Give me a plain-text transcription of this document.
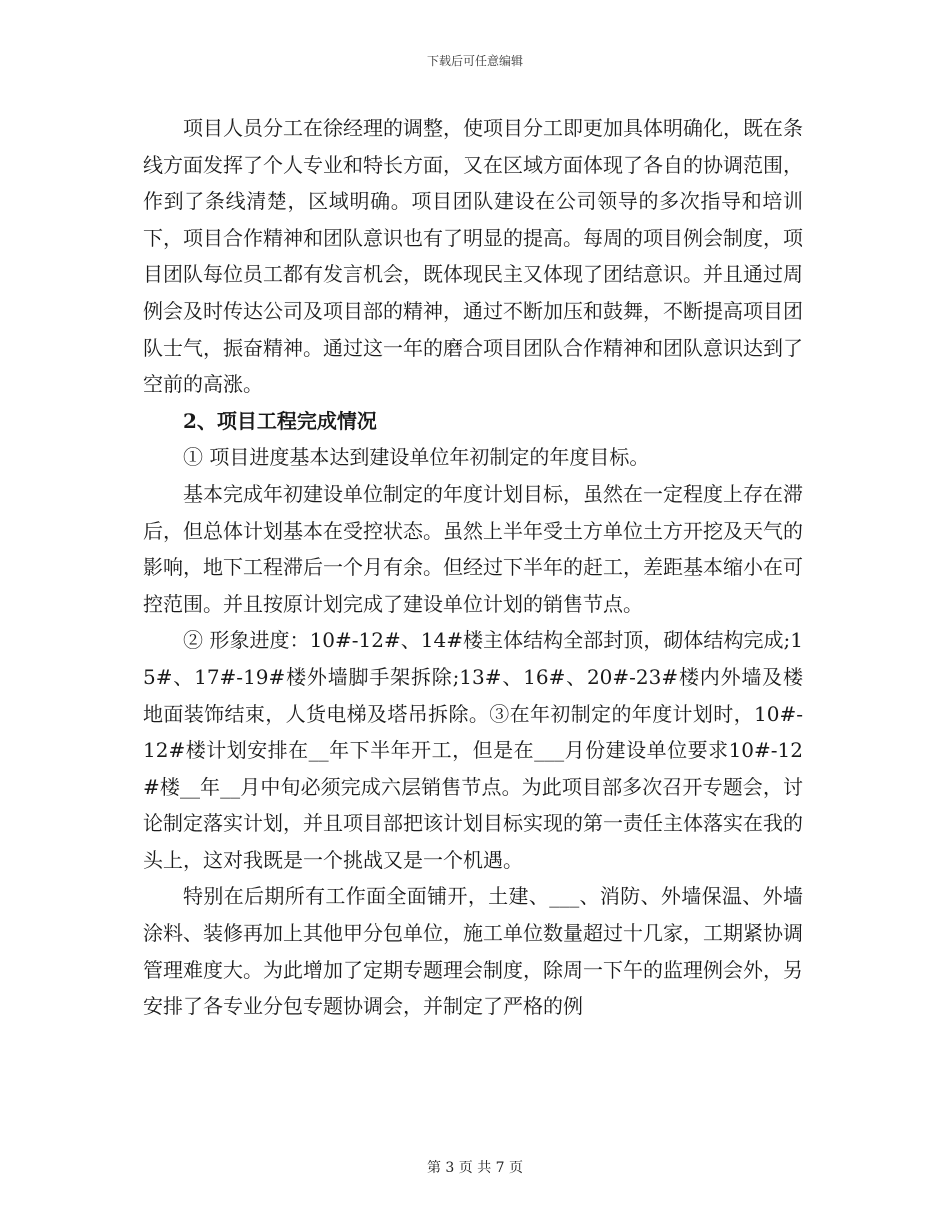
下载后可任意编辑

项目人员分工在徐经理的调整，使项目分工即更加具体明确化，既在条线方面发挥了个人专业和特长方面，又在区域方面体现了各自的协调范围，作到了条线清楚，区域明确。项目团队建设在公司领导的多次指导和培训下，项目合作精神和团队意识也有了明显的提高。每周的项目例会制度，项目团队每位员工都有发言机会，既体现民主又体现了团结意识。并且通过周例会及时传达公司及项目部的精神，通过不断加压和鼓舞，不断提高项目团队士气，振奋精神。通过这一年的磨合项目团队合作精神和团队意识达到了空前的高涨。

2、项目工程完成情况

① 项目进度基本达到建设单位年初制定的年度目标。

基本完成年初建设单位制定的年度计划目标，虽然在一定程度上存在滞后，但总体计划基本在受控状态。虽然上半年受土方单位土方开挖及天气的影响，地下工程滞后一个月有余。但经过下半年的赶工，差距基本缩小在可控范围。并且按原计划完成了建设单位计划的销售节点。

② 形象进度：10#-12#、14#楼主体结构全部封顶，砌体结构完成;15#、17#-19#楼外墙脚手架拆除;13#、16#、20#-23#楼内外墙及楼地面装饰结束，人货电梯及塔吊拆除。③在年初制定的年度计划时，10#-12#楼计划安排在__年下半年开工，但是在___月份建设单位要求10#-12#楼__年__月中旬必须完成六层销售节点。为此项目部多次召开专题会，讨论制定落实计划，并且项目部把该计划目标实现的第一责任主体落实在我的头上，这对我既是一个挑战又是一个机遇。

特别在后期所有工作面全面铺开，土建、___、消防、外墙保温、外墙涂料、装修再加上其他甲分包单位，施工单位数量超过十几家，工期紧协调管理难度大。为此增加了定期专题理会制度，除周一下午的监理例会外，另安排了各专业分包专题协调会，并制定了严格的例

第 3 页 共 7 页
